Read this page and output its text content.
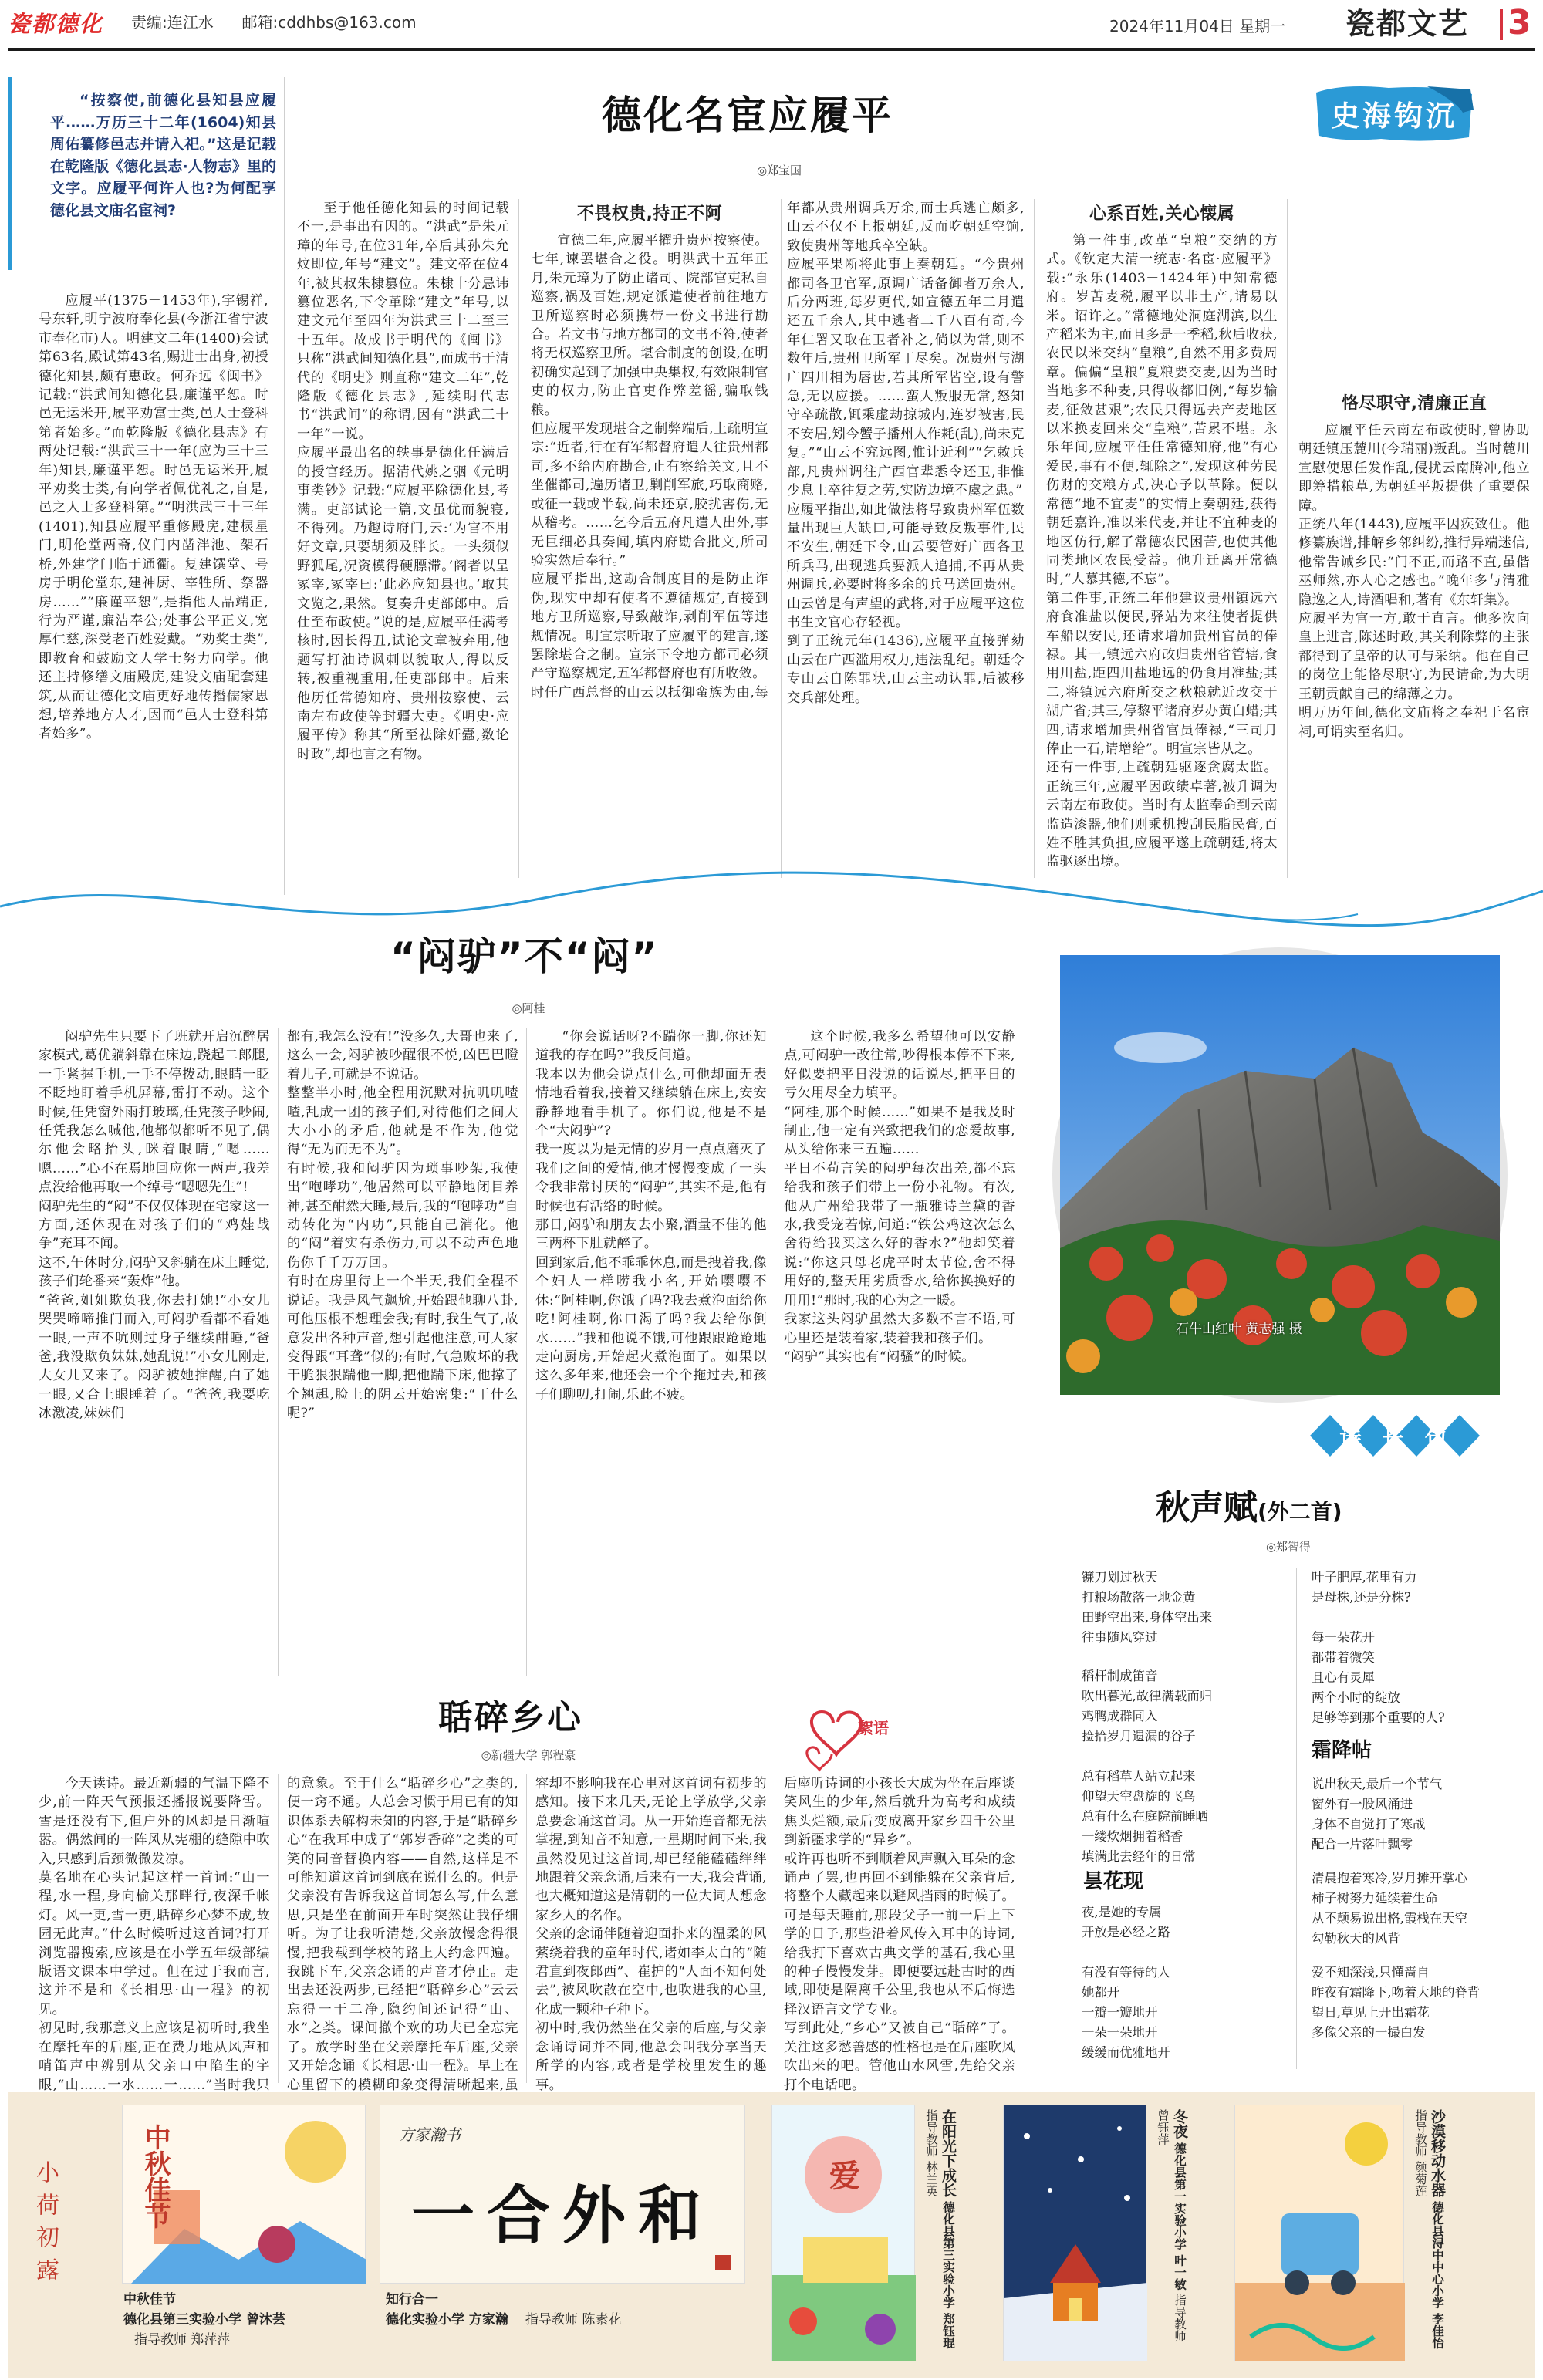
瓷都德化	责编:连江水 邮箱:cddhbs@163.com	2024年11月04日 星期一 瓷都文艺 3
“按察使,前德化县知县应履平……万历三十二年(1604)知县周佑纂修邑志并请入祀。”这是记载在乾隆版《德化县志·人物志》里的文字。应履平何许人也?为何配享德化县文庙名宦祠?
德化名宦应履平
◎郑宝国
史海钩沉

应履平(1375－1453年),字锡祥,号东轩,明宁波府奉化县(今浙江省宁波市奉化市)人。明建文二年(1400)会试第63名,殿试第43名,赐进士出身,初授德化知县,颇有惠政。何乔远《闽书》记载:“洪武间知德化县,廉谨平恕。时邑无运米开,履平劝富士类,邑人士登科第者始多。”而乾隆版《德化县志》有两处记载:“洪武三十一年(应为三十三年)知县,廉谨平恕。时邑无运米开,履平劝奖士类,有向学者佩优礼之,自是,邑之人士多登科第。”“明洪武三十三年(1401),知县应履平重修殿庑,建棂星门,明伦堂两斋,仪门内凿泮池、架石桥,外建学门临于通衢。复建馔堂、号房于明伦堂东,建神厨、宰牲所、祭器房……”“廉谨平恕”,是指他人品端正,行为严谨,廉洁奉公;处事公平正义,宽厚仁慈,深受老百姓爱戴。“劝奖士类”,即教育和鼓励文人学士努力向学。他还主持修缮文庙殿庑,建设文庙配套建筑,从而让德化文庙更好地传播儒家思想,培养地方人才,因而“邑人士登科第者始多”。

至于他任德化知县的时间记载不一,是事出有因的。“洪武”是朱元璋的年号,在位31年,卒后其孙朱允炆即位,年号“建文”。建文帝在位4年,被其叔朱棣篡位。朱棣十分忌讳篡位恶名,下令革除“建文”年号,以建文元年至四年为洪武三十二至三十五年。故成书于明代的《闽书》只称“洪武间知德化县”,而成书于清代的《明史》则直称“建文二年”,乾隆版《德化县志》,延续明代志书“洪武间”的称谓,因有“洪武三十一年”一说。
应履平最出名的轶事是德化任满后的授官经历。据清代姚之骃《元明事类钞》记载:“应履平除德化县,考满。吏部试论一篇,文虽优而貌寝,不得列。乃趣诗府门,云:‘为官不用好文章,只要胡须及胖长。一头须似野狐尾,况资模得硬膘滞。’阁者以呈冢宰,冢宰曰:‘此必应知县也。’取其文览之,果然。复奏升吏部郎中。后仕至布政使。”说的是,应履平任满考核时,因长得丑,试论文章被弃用,他题写打油诗讽刺以貌取人,得以反转,被重视重用,任吏部郎中。后来他历任常德知府、贵州按察使、云南左布政使等封疆大吏。《明史·应履平传》称其“所至祛除奸蠹,数论时政”,却也言之有物。

不畏权贵,持正不阿

宣德二年,应履平擢升贵州按察使。七年,谏罢堪合之役。明洪武十五年正月,朱元璋为了防止诸司、院部官吏私自巡察,祸及百姓,规定派遣使者前往地方卫所巡察时必须携带一份文书进行勘合。若文书与地方都司的文书不符,使者将无权巡察卫所。堪合制度的创设,在明初确实起到了加强中央集权,有效限制官吏的权力,防止官吏作弊差徭,骗取钱粮。
但应履平发现堪合之制弊端后,上疏明宣宗:“近者,行在有军都督府遣人往贵州都司,多不给内府勘合,止有察给关文,且不坐催都司,遍历诸卫,剿削军旅,巧取商赂,或征一载或半载,尚未还京,胶扰害伤,无从稽考。……乞今后五府凡遣人出外,事无巨细必具奏闻,填内府勘合批文,所司验实然后奉行。”
应履平指出,这勘合制度目的是防止诈伪,现实中却有使者不遵循规定,直接到地方卫所巡察,导致敲诈,剥削军伍等违规情况。明宣宗听取了应履平的建言,遂罢除堪合之制。宣宗下令地方都司必须严守巡察规定,五军都督府也有所收敛。
时任广西总督的山云以抵御蛮族为由,每年都从贵州调兵万余,而士兵逃亡颇多,山云不仅不上报朝廷,反而吃朝廷空饷,致使贵州等地兵卒空缺。
应履平果断将此事上奏朝廷。“今贵州都司各卫官军,原调广话备御者万余人,后分两班,每岁更代,如宣德五年二月遣还五千余人,其中逃者二千八百有奇,今年仁署又取在卫者补之,倘以为常,则不数年后,贵州卫所军丁尽矣。况贵州与湖广四川相为唇齿,若其所军皆空,设有警急,无以应援。……蛮人叛服无常,怒知守卒疏散,辄乘虚劫掠城内,连岁被害,民不安居,矧今蟹子播州人作耗(乱),尚未克复。”“山云不究远图,惟计近利”“乞敕兵部,凡贵州调往广西官辈悉令还卫,非惟少息士卒往复之劳,实防边境不虞之患。”
应履平指出,如此做法将导致贵州军伍数量出现巨大缺口,可能导致反叛事件,民不安生,朝廷下令,山云要管好广西各卫所兵马,出现逃兵要派人追捕,不再从贵州调兵,必要时将多余的兵马送回贵州。山云曾是有声望的武将,对于应履平这位书生文官心存轻视。
到了正统元年(1436),应履平直接弹劾山云在广西滥用权力,违法乱纪。朝廷令专山云自陈罪状,山云主动认罪,后被移交兵部处理。

心系百姓,关心懐属

第一件事,改革“皇粮”交纳的方式。《钦定大清一统志·名宦·应履平》载:“永乐(1403－1424年)中知常德府。岁苦麦税,履平以非土产,请易以米。诏许之。”常德地处洞庭湖滨,以生产稻米为主,而且多是一季稻,秋后收获,农民以米交纳“皇粮”,自然不用多费周章。偏偏“皇粮”夏粮要交麦,因为当时当地多不种麦,只得收都旧例,“每岁输麦,征敛甚艰”;农民只得远去产麦地区以米换麦回来交“皇粮”,苦累不堪。永乐年间,应履平任任常德知府,他“有心爱民,事有不便,辄除之”,发现这种劳民伤财的交粮方式,决心予以革除。便以常德“地不宜麦”的实情上奏朝廷,获得朝廷嘉许,准以米代麦,并让不宜种麦的地区仿行,解了常德农民困苦,也使其他同类地区农民受益。他升迁离开常德时,“人慕其德,不忘”。
第二件事,正统二年他建议贵州镇远六府食准盐以便民,驿站为来往使者提供车船以安民,还请求增加贵州官员的俸禄。其一,镇远六府改归贵州省管辖,食用川盐,距四川盐地远的仍食用准盐;其二,将镇远六府所交之秋粮就近改交于湖广省;其三,停黎平诸府岁办黄白蜡;其四,请求增加贵州省官员俸禄,“三司月俸止一石,请增给”。明宣宗皆从之。
还有一件事,上疏朝廷驱逐贪腐太监。正统三年,应履平因政绩卓著,被升调为云南左布政使。当时有太监奉命到云南监造漆器,他们则乘机搜刮民脂民膏,百姓不胜其负担,应履平遂上疏朝廷,将太监驱逐出境。

恪尽职守,清廉正直

应履平任云南左布政使时,曾协助朝廷镇压麓川(今瑞丽)叛乱。当时麓川宣慰使思任发作乱,侵扰云南腾冲,他立即筹措粮草,为朝廷平叛提供了重要保障。
正统八年(1443),应履平因疾致仕。他修纂族谱,排解乡邻纠纷,推行异端迷信,他常告诫乡民:“门不正,而路不直,虽偕巫师然,亦人心之感也。”晚年多与清雅隐逸之人,诗酒唱和,著有《东轩集》。
应履平为官一方,敢于直言。他多次向皇上进言,陈述时政,其关利除弊的主张都得到了皇帝的认可与采纳。他在自己的岗位上能恪尽职守,为民请命,为大明王朝贡献自己的绵薄之力。
明万历年间,德化文庙将之奉祀于名宦祠,可谓实至名归。

“闷驴”不“闷”
◎阿桂

闷驴先生只要下了班就开启沉醉居家模式,葛优躺斜靠在床边,跷起二郎腿,一手紧握手机,一手不停拨动,眼睛一眨不眨地盯着手机屏幕,雷打不动。这个时候,任凭窗外雨打玻璃,任凭孩子吵闹,任凭我怎么喊他,他都似都听不见了,偶尔他会略抬头,眯着眼睛,“嗯……嗯……”心不在焉地回应你一两声,我差点没给他再取一个绰号“嗯嗯先生”!
闷驴先生的“闷”不仅仅体现在宅家这一方面,还体现在对孩子们的“鸡娃战争”充耳不闻。
这不,午休时分,闷驴又斜躺在床上睡觉,孩子们轮番来“轰炸”他。
“爸爸,姐姐欺负我,你去打她!”小女儿哭哭啼啼推门而入,可闷驴看都不看她一眼,一声不吭则过身子继续酣睡,“爸爸,我没欺负妹妹,她乱说!”小女儿刚走,大女儿又来了。闷驴被她推醒,白了她一眼,又合上眼睡着了。“爸爸,我要吃冰激凌,妹妹们

都有,我怎么没有!”没多久,大哥也来了,这么一会,闷驴被吵醒很不悦,凶巴巴瞪着儿子,可就是不说话。
整整半小时,他全程用沉默对抗叽叽喳喳,乱成一团的孩子们,对待他们之间大大小小的矛盾,他就是不作为,他觉得“无为而无不为”。
有时候,我和闷驴因为琐事吵架,我使出“咆哮功”,他居然可以平静地闭目养神,甚至酣然大睡,最后,我的“咆哮功”自动转化为“内功”,只能自己消化。他的“闷”着实有杀伤力,可以不动声色地伤你千千万万回。
有时在房里待上一个半天,我们全程不说话。我是风气飙尬,开始跟他聊八卦,可他压根不想理会我;有时,我生气了,故意发出各种声音,想引起他注意,可人家变得跟“耳聋”似的;有时,气急败坏的我干脆狠狠踹他一脚,把他踹下床,他撑了个翘趄,脸上的阴云开始密集:“干什么呢?”

“你会说话呀?不踹你一脚,你还知道我的存在吗?”我反问道。
我本以为他会说点什么,可他却面无表情地看着我,接着又继续躺在床上,安安静静地看手机了。你们说,他是不是个“大闷驴”?
我一度以为是无情的岁月一点点磨灭了我们之间的爱情,他才慢慢变成了一头令我非常讨厌的“闷驴”,其实不是,他有时候也有活络的时候。
那日,闷驴和朋友去小聚,酒量不佳的他三两杯下肚就醉了。
回到家后,他不乖乖休息,而是拽着我,像个妇人一样唠我小名,开始嘤嘤不休:“阿桂啊,你饿了吗?我去煮泡面给你吃!阿桂啊,你口渴了吗?我去给你倒水……”我和他说不饿,可他跟跟跄跄地走向厨房,开始起火煮泡面了。如果以这么多年来,他还会一个个拖过去,和孩子们聊叨,打闹,乐此不疲。

这个时候,我多么希望他可以安静点,可闷驴一改往常,吵得根本停不下来,好似要把平日没说的话说尽,把平日的亏欠用尽全力填平。
“阿桂,那个时候……”如果不是我及时制止,他一定有兴致把我们的恋爱故事,从头给你来三五遍……
平日不苟言笑的闷驴每次出差,都不忘给我和孩子们带上一份小礼物。有次,他从广州给我带了一瓶雅诗兰黛的香水,我受宠若惊,问道:“铁公鸡这次怎么舍得给我买这么好的香水?”他却笑着说:“你这只母老虎平时太节俭,舍不得用好的,整天用劣质香水,给你换换好的用用!”那时,我的心为之一暖。
我家这头闷驴虽然大多数不言不语,可心里还是装着家,装着我和孩子们。
“闷驴”其实也有“闷骚”的时候。

石牛山红叶 黄志强 摄
诗长句短
秋声赋(外二首)
◎郑智得
镰刀划过秋天
打粮场散落一地金黄
田野空出来,身体空出来
往事随风穿过
稻杆制成笛音
吹出暮光,故律满载而归
鸡鸭成群同入
捡拾岁月遗漏的谷子
总有稻草人站立起来
仰望天空盘旋的飞鸟
总有什么在庭院前睡晒
一缕炊烟拥着稻香
填满此去经年的日常
昙花现
夜,是她的专属
开放是必经之路

有没有等待的人
她都开
一瓣一瓣地开
一朵一朵地开
缓缓而优雅地开
叶子肥厚,花里有力
是母株,还是分株?
每一朵花开
都带着微笑
且心有灵犀
两个小时的绽放
足够等到那个重要的人?
霜降帖
说出秋天,最后一个节气
窗外有一股风涌进
身体不自觉打了寒战
配合一片落叶飘零
清晨抱着寒冷,岁月摊开掌心
柿子树努力延续着生命
从不颠易说出格,霞栈在天空
勾勒秋天的风背
爱不知深浅,只懂啬自
昨夜有霜降下,吻着大地的脊背
望日,草见上开出霜花
多像父亲的一撮白发
聒碎乡心
◎新疆大学 郭程豪
絮语

今天读诗。最近新疆的气温下降不少,前一阵天气预报还播报说要降雪。雪是还没有下,但户外的风却是日渐喧嚣。偶然间的一阵风从宪棚的缝隙中吹入,只感到后颈微微发凉。
莫名地在心头记起这样一首词:“山一程,水一程,身向榆关那畔行,夜深千帐灯。风一更,雪一更,聒碎乡心梦不成,故园无此声。”什么时候听过这首词?打开浏览器搜索,应该是在小学五年级部编版语文课本中学过。但在过于我而言,这并不是和《长相思·山一程》的初见。
初见时,我那意义上应该是初听时,我坐在摩托车的后座,正在费力地从风声和哨笛声中辨别从父亲口中陷生的字眼,“山……一水……一……”当时我只

的意象。至于什么“聒碎乡心”之类的,便一窍不通。人总会习惯于用已有的知识体系去解构未知的内容,于是“聒碎乡心”在我耳中成了“郭岁香碎”之类的可笑的同音替换内容——自然,这样是不可能知道这首词到底在说什么的。但是父亲没有告诉我这首词怎么写,什么意思,只是坐在前面开车时突然让我仔细听。为了让我听清楚,父亲放慢念得很慢,把我载到学校的路上大约念四遍。我跳下车,父亲念诵的声音才停止。走出去还没两步,已经把“聒碎乡心”云云忘得一干二净,隐约间还记得“山、水”之类。课间撤个欢的功夫已全忘完了。放学时坐在父亲摩托车后座,父亲又开始念诵《长相思·山一程》。早上在心里留下的模糊印象变得清晰起来,虽

容却不影响我在心里对这首词有初步的感知。接下来几天,无论上学放学,父亲总要念诵这首词。从一开始连音都无法掌握,到知音不知意,一星期时间下来,我虽然没见过这首词,却已经能磕磕绊绊地跟着父亲念诵,后来有一天,我会背诵,也大概知道这是清朝的一位大词人想念家乡人的名作。
父亲的念诵伴随着迎面扑来的温柔的风萦绕着我的童年时代,诸如李太白的“随君直到夜郎西”、崔护的“人面不知何处去”,被风吹散在空中,也吹进我的心里,化成一颗种子种下。
初中时,我仍然坐在父亲的后座,与父亲念诵诗词并不同,他总会叫我分享当天所学的内容,或者是学校里发生的趣事。

后座听诗词的小孩长大成为坐在后座谈笑风生的少年,然后就升为高考和成绩焦头烂额,最后变成离开家乡四千公里到新疆求学的“异乡”。
或许再也听不到顺着风声飘入耳朵的念诵声了罢,也再回不到能躲在父亲背后,将整个人藏起来以避风挡雨的时候了。可是每天睡前,那段父子一前一后上下学的日子,那些沿着风传入耳中的诗词,给我打下喜欢古典文学的基石,我心里的种子慢慢发芽。即便要远赴古时的西域,即使是隔离千公里,我也从不后悔选择汉语言文学专业。
写到此处,“乡心”又被自己“聒碎”了。关注这多愁善感的性格也是在后座吹风吹出来的吧。管他山水风雪,先给父亲打个电话吧。

小荷初露	中秋佳节
中秋佳节
德化县第三实验小学 曾沐芸
指导教师 郑萍萍
方家瀚书
一合外和
知行合一
德化实验小学 方家瀚 指导教师 陈素花
爱	在阳光下成长 德化县第三实验小学 郑钰琨 指导教师 林兰英	冬夜 德化县第一实验小学 叶一敏 指导教师 曾钰萍	沙漠移动水器 德化县浔中中心小学 李佳怡 指导教师 颜菊莲
